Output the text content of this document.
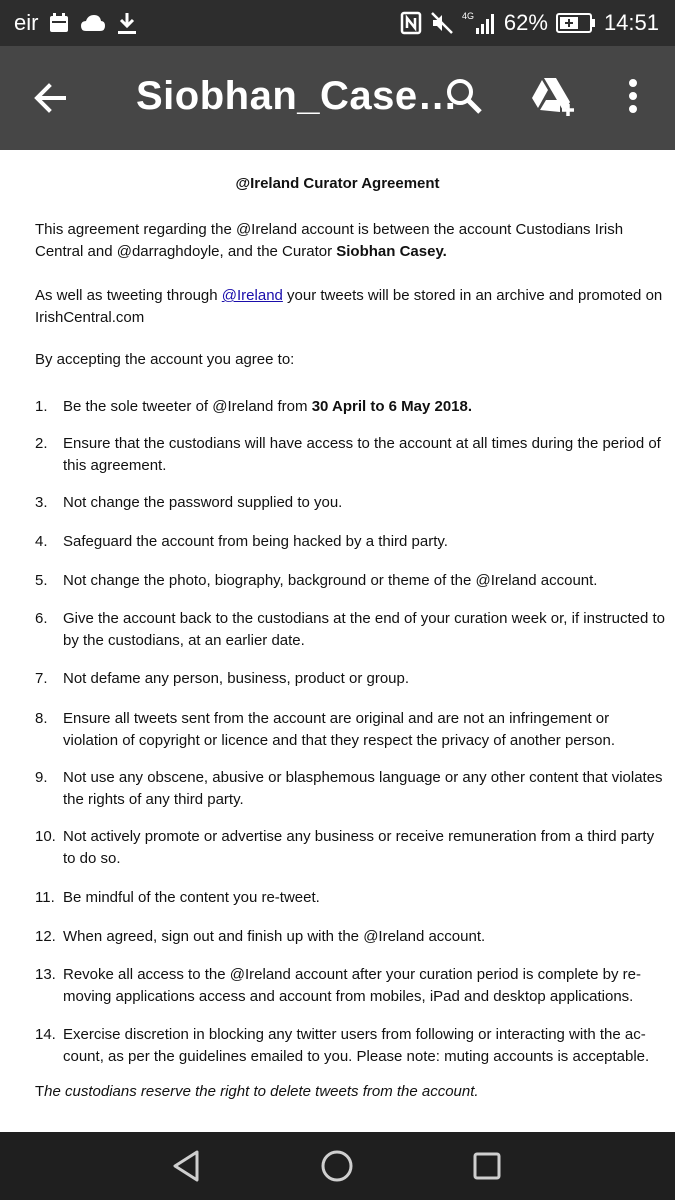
eir	4G 62%	14:51
Siobhan_Case…
@Ireland Curator Agreement

This agreement regarding the @Ireland account is between the account Custodians Irish Central and @darraghdoyle, and the Curator Siobhan Casey.

As well as tweeting through @Ireland your tweets will be stored in an archive and promoted on IrishCentral.com

By accepting the account you agree to:

1.	Be the sole tweeter of @Ireland from 30 April to 6 May 2018.
2.	Ensure that the custodians will have access to the account at all times during the period of this agreement.
3.	Not change the password supplied to you.
4.	Safeguard the account from being hacked by a third party.
5.	Not change the photo, biography, background or theme of the @Ireland account.
6.	Give the account back to the custodians at the end of your curation week or, if instructed to by the custodians, at an earlier date.
7.	Not defame any person, business, product or group.
8.	Ensure all tweets sent from the account are original and are not an infringement or violation of copyright or licence and that they respect the privacy of another person.
9.	Not use any obscene, abusive or blasphemous language or any other content that violates the rights of any third party.
10. Not actively promote or advertise any business or receive remuneration from a third party to do so.
11. Be mindful of the content you re-tweet.
12. When agreed, sign out and finish up with the @Ireland account.
13. Revoke all access to the @Ireland account after your curation period is complete by re-moving applications access and account from mobiles, iPad and desktop applications.
14. Exercise discretion in blocking any twitter users from following or interacting with the ac-count, as per the guidelines emailed to you. Please note: muting accounts is acceptable.
The custodians reserve the right to delete tweets from the account.
